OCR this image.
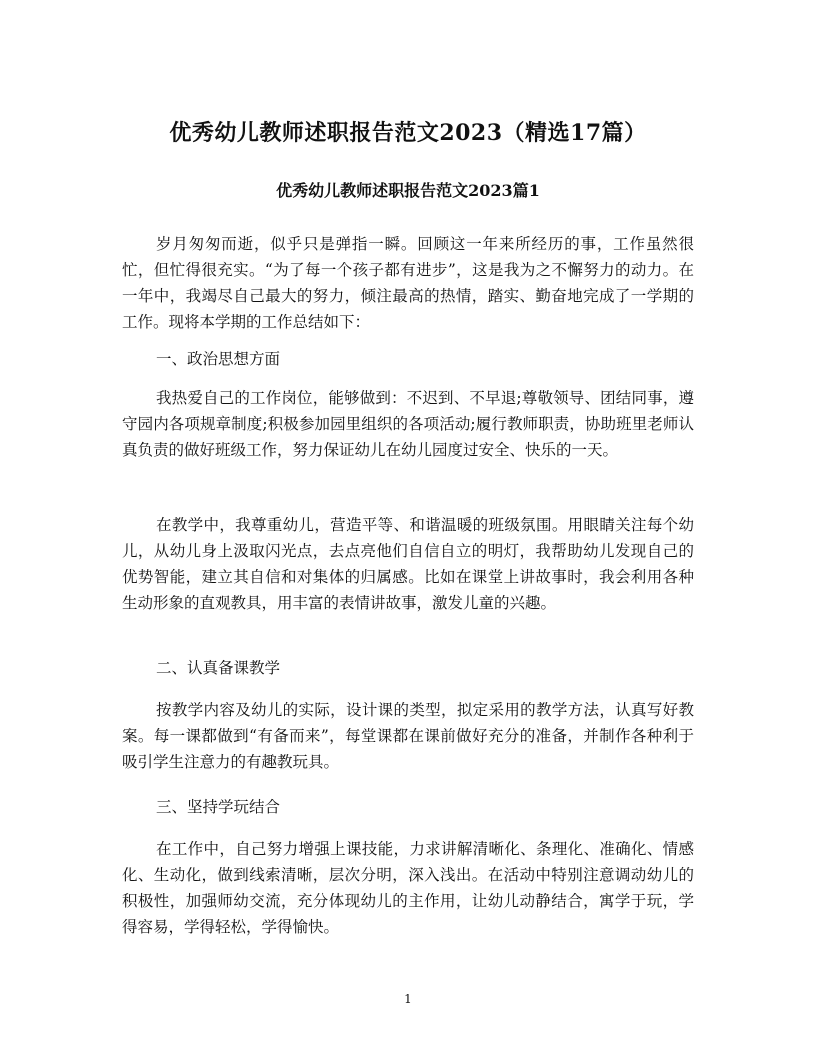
优秀幼儿教师述职报告范文2023（精选17篇）
优秀幼儿教师述职报告范文2023篇1

岁月匆匆而逝，似乎只是弹指一瞬。回顾这一年来所经历的事，工作虽然很忙，但忙得很充实。“为了每一个孩子都有进步”，这是我为之不懈努力的动力。在一年中，我竭尽自己最大的努力，倾注最高的热情，踏实、勤奋地完成了一学期的工作。现将本学期的工作总结如下：

一、政治思想方面

我热爱自己的工作岗位，能够做到：不迟到、不早退;尊敬领导、团结同事，遵守园内各项规章制度;积极参加园里组织的各项活动;履行教师职责，协助班里老师认真负责的做好班级工作，努力保证幼儿在幼儿园度过安全、快乐的一天。

在教学中，我尊重幼儿，营造平等、和谐温暖的班级氛围。用眼睛关注每个幼儿，从幼儿身上汲取闪光点，去点亮他们自信自立的明灯，我帮助幼儿发现自己的优势智能，建立其自信和对集体的归属感。比如在课堂上讲故事时，我会利用各种生动形象的直观教具，用丰富的表情讲故事，激发儿童的兴趣。

二、认真备课教学

按教学内容及幼儿的实际，设计课的类型，拟定采用的教学方法，认真写好教案。每一课都做到“有备而来”，每堂课都在课前做好充分的准备，并制作各种利于吸引学生注意力的有趣教玩具。

三、坚持学玩结合

在工作中，自己努力增强上课技能，力求讲解清晰化、条理化、准确化、情感化、生动化，做到线索清晰，层次分明，深入浅出。在活动中特别注意调动幼儿的积极性，加强师幼交流，充分体现幼儿的主作用，让幼儿动静结合，寓学于玩，学得容易，学得轻松，学得愉快。

1
